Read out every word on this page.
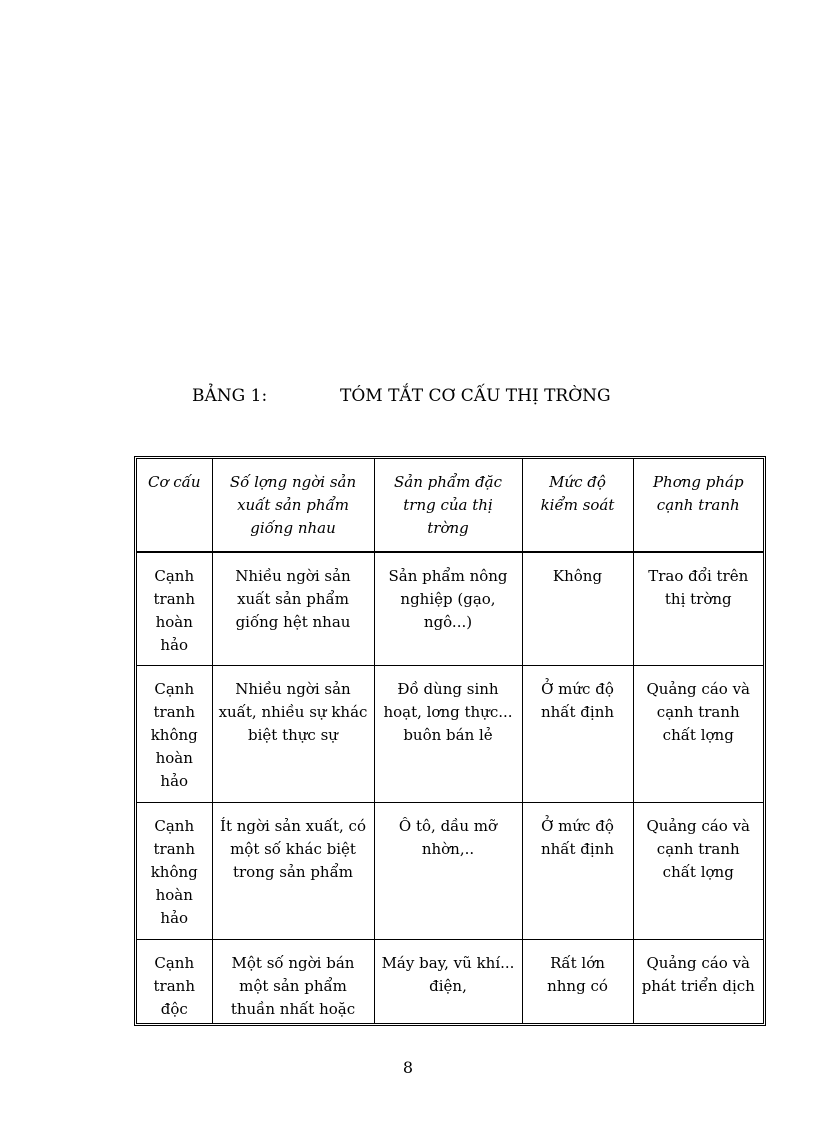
BẢNG 1:	TÓM TẮT CƠ CẤU THỊ TRỜNG
Cơ cấu	Số lợng ngời sản xuất sản phẩm giống nhau	Sản phẩm đặc trng của thị trờng	Mức độ kiểm soát	Phơng pháp cạnh tranh
Cạnh tranh hoàn hảo	Nhiều ngời sản xuất sản phẩm giống hệt nhau	Sản phẩm nông nghiệp (gạo, ngô...)	Không	Trao đổi trên thị trờng
Cạnh tranh không hoàn hảo	Nhiều ngời sản xuất, nhiều sự khác biệt thực sự	Đồ dùng sinh hoạt, lơng thực... buôn bán lẻ	Ở mức độ nhất định	Quảng cáo và cạnh tranh chất lợng
Cạnh tranh không hoàn hảo	Ít ngời sản xuất, có một số khác biệt trong sản phẩm	Ô tô, dầu mỡ nhờn,..	Ở mức độ nhất định	Quảng cáo và cạnh tranh chất lợng
Cạnh tranh độc	Một số ngời bán một sản phẩm thuần nhất hoặc	Máy bay, vũ khí... điện,	Rất lớn nhng có	Quảng cáo và phát triển dịch
8
